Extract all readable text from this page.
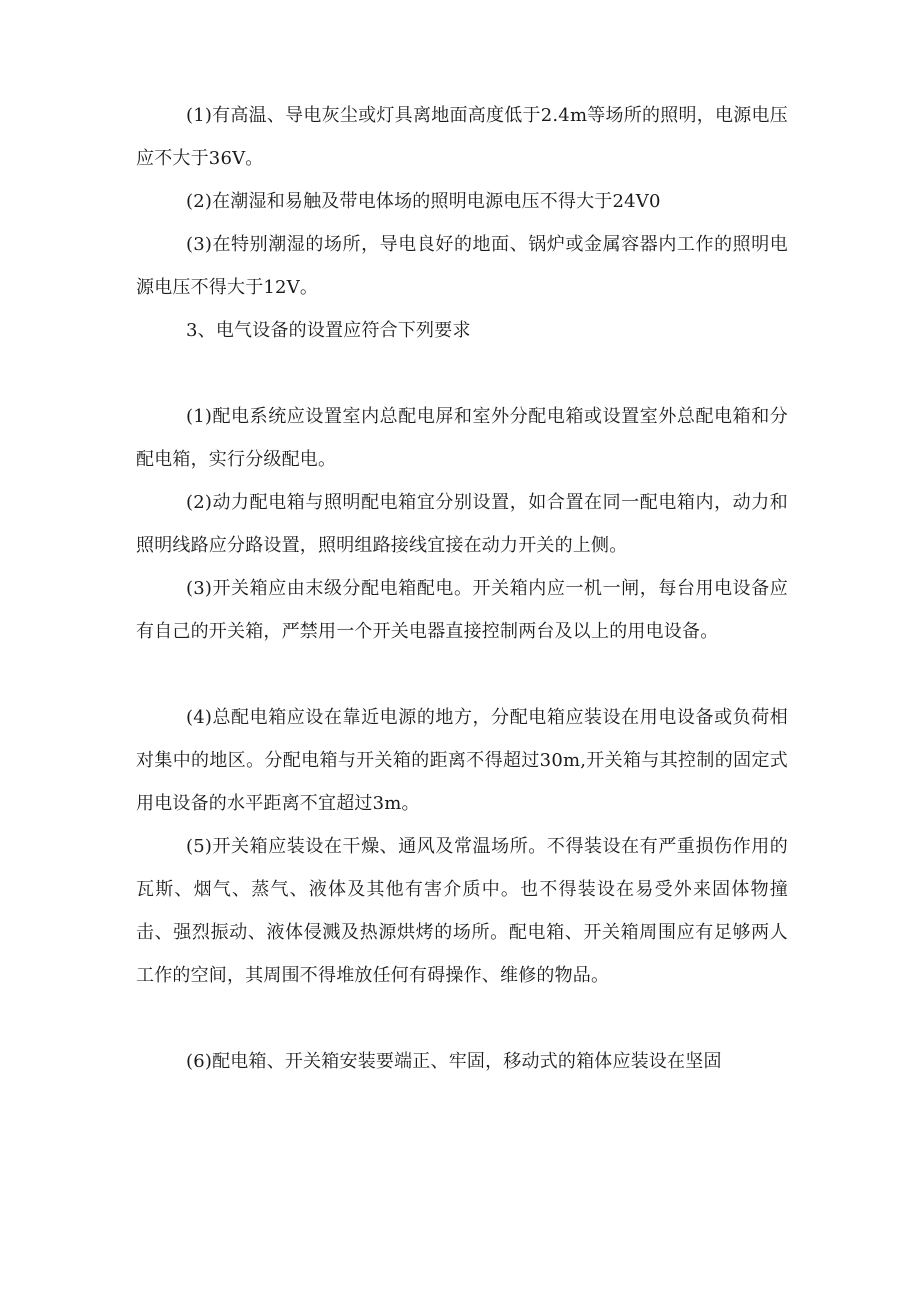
(1)有高温、导电灰尘或灯具离地面高度低于2.4m等场所的照明，电源电压应不大于36V。

(2)在潮湿和易触及带电体场的照明电源电压不得大于24V0

(3)在特别潮湿的场所，导电良好的地面、锅炉或金属容器内工作的照明电源电压不得大于12V。

3、电气设备的设置应符合下列要求

(1)配电系统应设置室内总配电屏和室外分配电箱或设置室外总配电箱和分配电箱，实行分级配电。

(2)动力配电箱与照明配电箱宜分别设置，如合置在同一配电箱内，动力和照明线路应分路设置，照明组路接线宜接在动力开关的上侧。

(3)开关箱应由末级分配电箱配电。开关箱内应一机一闸，每台用电设备应有自己的开关箱，严禁用一个开关电器直接控制两台及以上的用电设备。

(4)总配电箱应设在靠近电源的地方，分配电箱应装设在用电设备或负荷相对集中的地区。分配电箱与开关箱的距离不得超过30m,开关箱与其控制的固定式用电设备的水平距离不宜超过3m。

(5)开关箱应装设在干燥、通风及常温场所。不得装设在有严重损伤作用的瓦斯、烟气、蒸气、液体及其他有害介质中。也不得装设在易受外来固体物撞击、强烈振动、液体侵溅及热源烘烤的场所。配电箱、开关箱周围应有足够两人工作的空间，其周围不得堆放任何有碍操作、维修的物品。

(6)配电箱、开关箱安装要端正、牢固，移动式的箱体应装设在坚固
